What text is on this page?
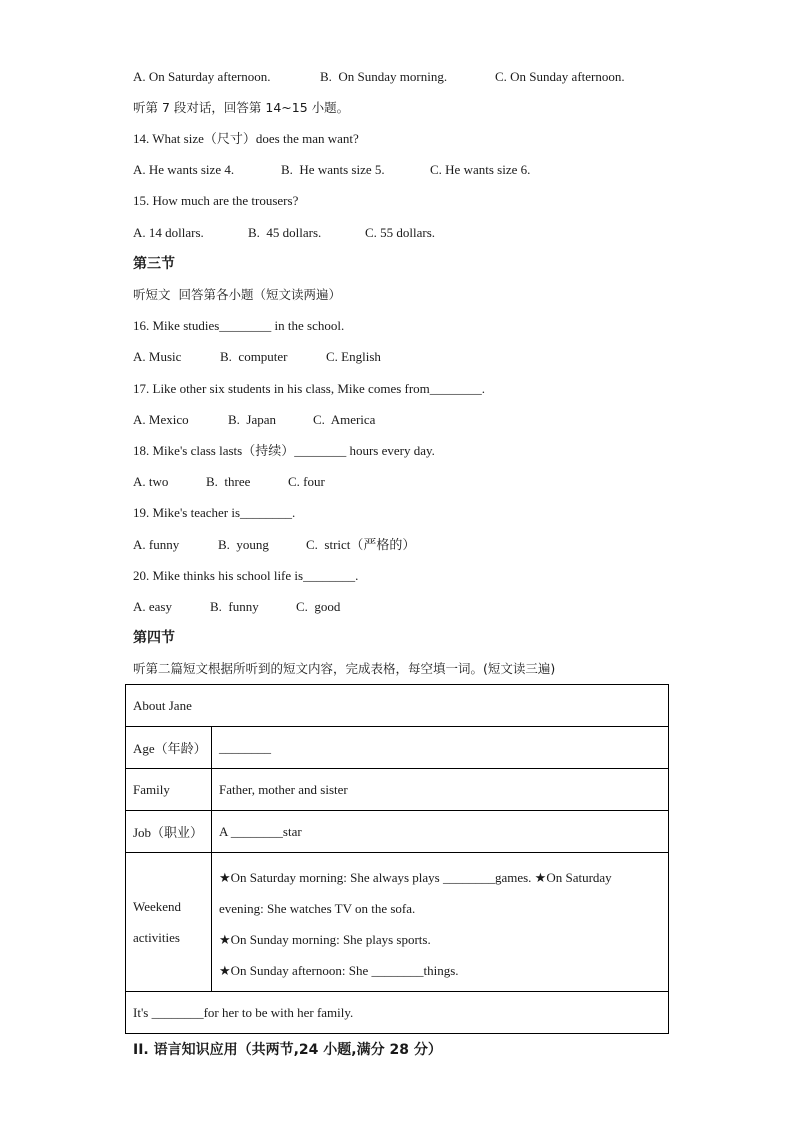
A. On Saturday afternoon.	B.  On Sunday morning.	C. On Sunday afternoon.
听第 7 段对话，回答第 14~15 小题。
14. What size（尺寸）does the man want?
A. He wants size 4.	B.  He wants size 5.	C. He wants size 6.
15. How much are the trousers?
A. 14 dollars.	B.  45 dollars.	C. 55 dollars.
第三节
听短文  回答第各小题（短文读两遍）
16. Mike studies________ in the school.
A. Music	B.  computer	C. English
17. Like other six students in his class, Mike comes from________.
A. Mexico	B.  Japan	C.  America
18. Mike's class lasts（持续）________ hours every day.
A. two	B.  three	C. four
19. Mike's teacher is________.
A. funny	B.  young	C.  strict（严格的）
20. Mike thinks his school life is________.
A. easy	B.  funny	C.  good
第四节
听第二篇短文根据所听到的短文内容，完成表格，每空填一词。(短文读三遍)
About Jane	
Age（年龄）	________
Family	Father, mother and sister
Job（职业）	A ________star

Weekend
activities	★On Saturday morning: She always plays ________games. ★On Saturday
evening: She watches TV on the sofa.
★On Sunday morning: She plays sports.
★On Sunday afternoon: She ________things.

It's ________for her to be with her family.	
II. 语言知识应用（共两节,24 小题,满分 28 分）
